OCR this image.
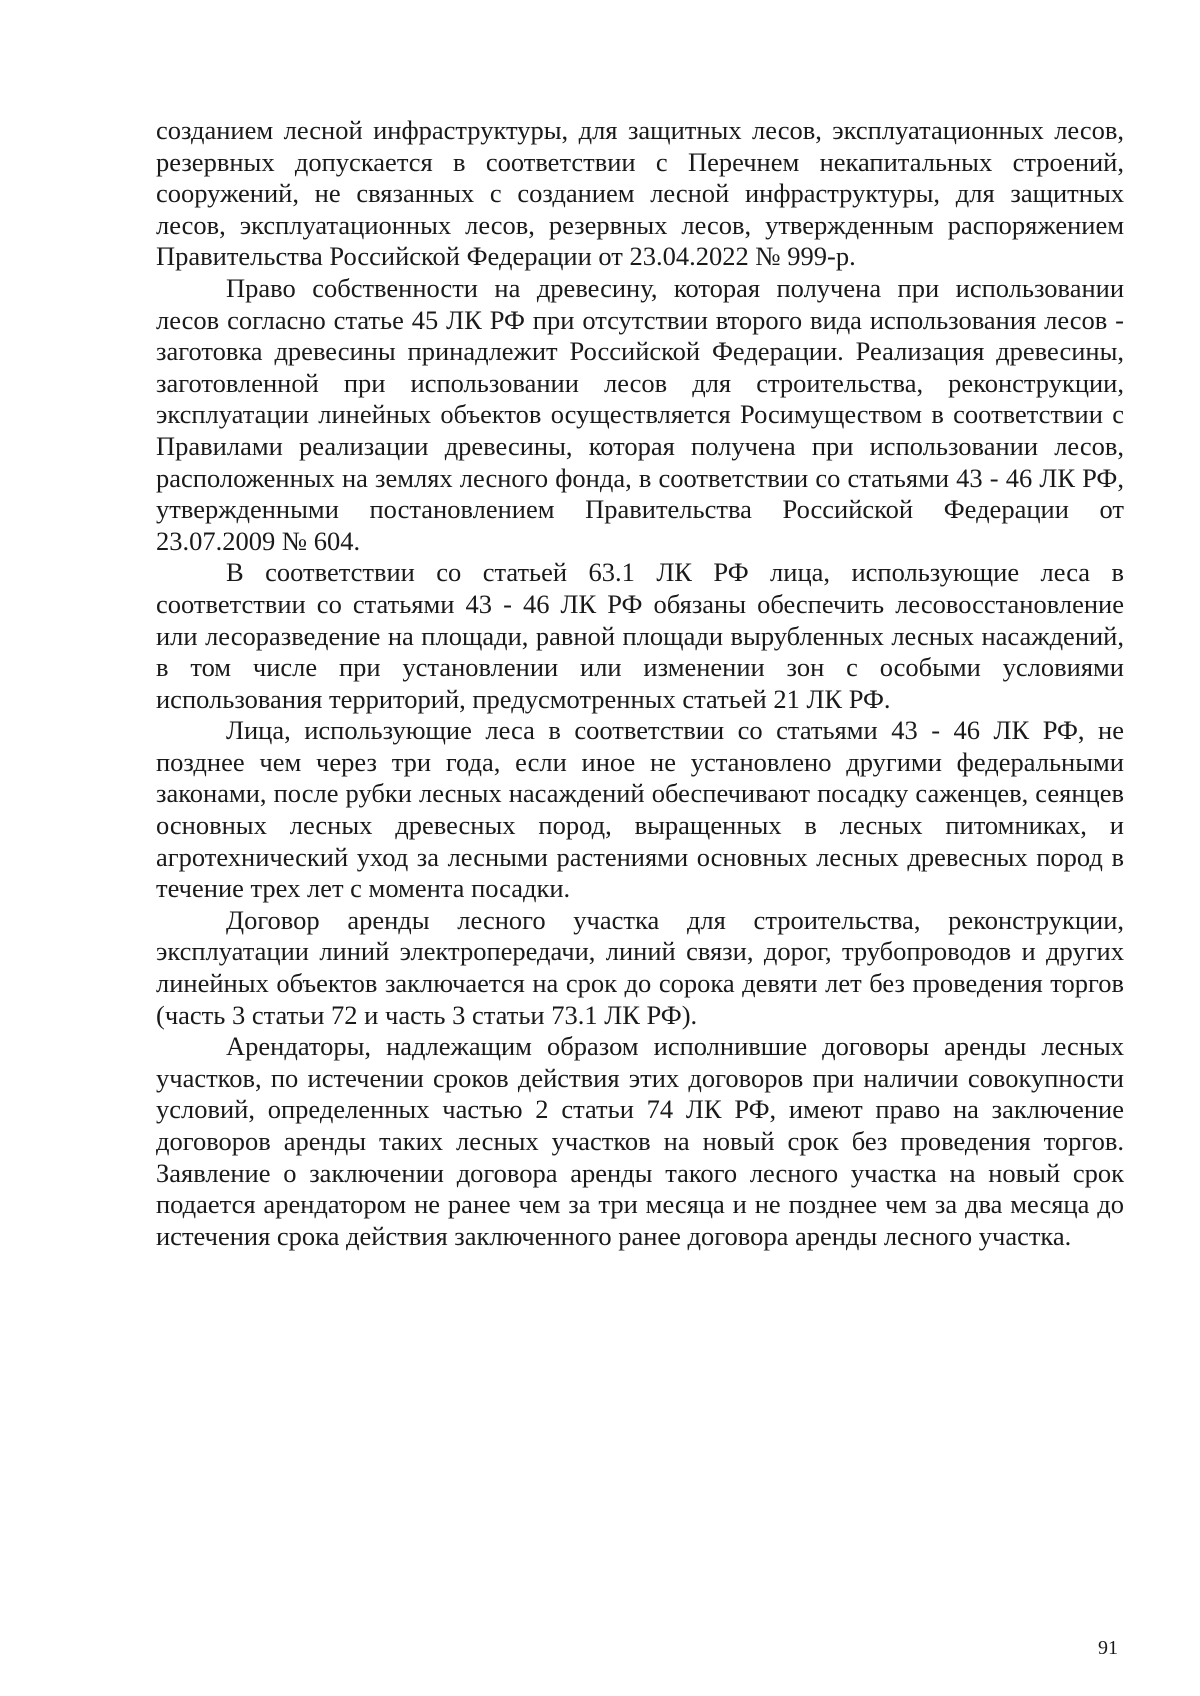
созданием лесной инфраструктуры, для защитных лесов, эксплуатационных лесов, резервных допускается в соответствии с Перечнем некапитальных строений, сооружений, не связанных с созданием лесной инфраструктуры, для защитных лесов, эксплуатационных лесов, резервных лесов, утвержденным распоряжением Правительства Российской Федерации от 23.04.2022 № 999-р.

Право собственности на древесину, которая получена при использовании лесов согласно статье 45 ЛК РФ при отсутствии второго вида использования лесов - заготовка древесины принадлежит Российской Федерации. Реализация древесины, заготовленной при использовании лесов для строительства, реконструкции, эксплуатации линейных объектов осуществляется Росимуществом в соответствии с Правилами реализации древесины, которая получена при использовании лесов, расположенных на землях лесного фонда, в соответствии со статьями 43 - 46 ЛК РФ, утвержденными постановлением Правительства Российской Федерации от 23.07.2009 № 604.

В соответствии со статьей 63.1 ЛК РФ лица, использующие леса в соответствии со статьями 43 - 46 ЛК РФ обязаны обеспечить лесовосстановление или лесоразведение на площади, равной площади вырубленных лесных насаждений, в том числе при установлении или изменении зон с особыми условиями использования территорий, предусмотренных статьей 21 ЛК РФ.

Лица, использующие леса в соответствии со статьями 43 - 46 ЛК РФ, не позднее чем через три года, если иное не установлено другими федеральными законами, после рубки лесных насаждений обеспечивают посадку саженцев, сеянцев основных лесных древесных пород, выращенных в лесных питомниках, и агротехнический уход за лесными растениями основных лесных древесных пород в течение трех лет с момента посадки.

Договор аренды лесного участка для строительства, реконструкции, эксплуатации линий электропередачи, линий связи, дорог, трубопроводов и других линейных объектов заключается на срок до сорока девяти лет без проведения торгов (часть 3 статьи 72 и часть 3 статьи 73.1 ЛК РФ).

Арендаторы, надлежащим образом исполнившие договоры аренды лесных участков, по истечении сроков действия этих договоров при наличии совокупности условий, определенных частью 2 статьи 74 ЛК РФ, имеют право на заключение договоров аренды таких лесных участков на новый срок без проведения торгов. Заявление о заключении договора аренды такого лесного участка на новый срок подается арендатором не ранее чем за три месяца и не позднее чем за два месяца до истечения срока действия заключенного ранее договора аренды лесного участка.

91
